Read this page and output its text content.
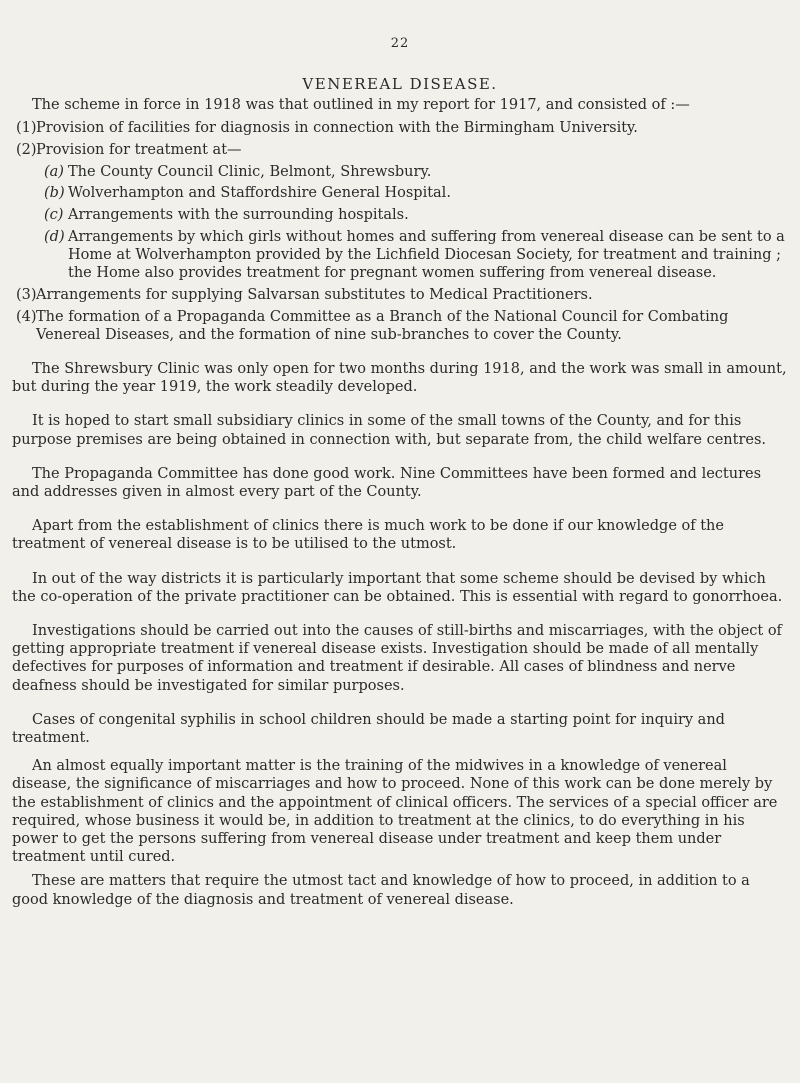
22
VENEREAL DISEASE.

The scheme in force in 1918 was that outlined in my report for 1917, and consisted of :—

(1) Provision of facilities for diagnosis in connection with the Birmingham University.
(2) Provision for treatment at—
(a) The County Council Clinic, Belmont, Shrewsbury.
(b) Wolverhampton and Staffordshire General Hospital.
(c) Arrangements with the surrounding hospitals.
(d) Arrangements by which girls without homes and suffering from venereal disease can be sent to a Home at Wolverhampton provided by the Lichfield Diocesan Society, for treatment and training ; the Home also provides treatment for pregnant women suffering from venereal disease.
(3) Arrangements for supplying Salvarsan substitutes to Medical Practitioners.
(4) The formation of a Propaganda Committee as a Branch of the National Council for Combating Venereal Diseases, and the formation of nine sub-branches to cover the County.

The Shrewsbury Clinic was only open for two months during 1918, and the work was small in amount, but during the year 1919, the work steadily developed.

It is hoped to start small subsidiary clinics in some of the small towns of the County, and for this purpose premises are being obtained in connection with, but separate from, the child welfare centres.

The Propaganda Committee has done good work. Nine Committees have been formed and lectures and addresses given in almost every part of the County.

Apart from the establishment of clinics there is much work to be done if our knowledge of the treatment of venereal disease is to be utilised to the utmost.

In out of the way districts it is particularly important that some scheme should be devised by which the co-operation of the private practitioner can be obtained. This is essential with regard to gonorrhoea.

Investigations should be carried out into the causes of still-births and miscarriages, with the object of getting appropriate treatment if venereal disease exists. Investigation should be made of all mentally defectives for purposes of information and treatment if desirable. All cases of blindness and nerve deafness should be investigated for similar purposes.

Cases of congenital syphilis in school children should be made a starting point for inquiry and treatment.

An almost equally important matter is the training of the midwives in a knowledge of venereal disease, the significance of miscarriages and how to proceed. None of this work can be done merely by the establishment of clinics and the appointment of clinical officers. The services of a special officer are required, whose business it would be, in addition to treatment at the clinics, to do everything in his power to get the persons suffering from venereal disease under treatment and keep them under treatment until cured.

These are matters that require the utmost tact and knowledge of how to proceed, in addition to a good knowledge of the diagnosis and treatment of venereal disease.
